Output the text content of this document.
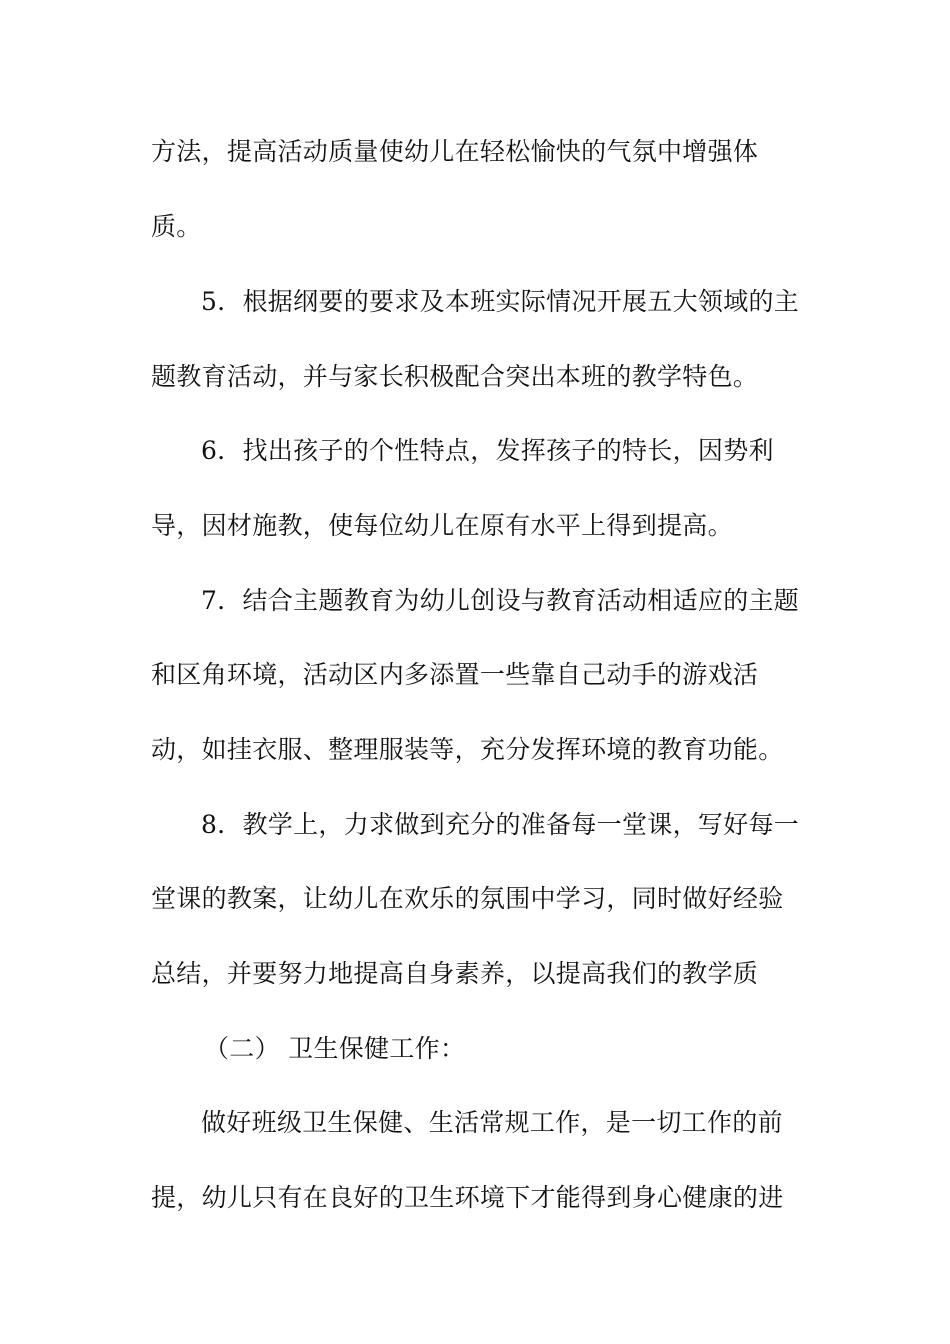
方法，提高活动质量使幼儿在轻松愉快的气氛中增强体
质。
5．根据纲要的要求及本班实际情况开展五大领域的主
题教育活动，并与家长积极配合突出本班的教学特色。
6．找出孩子的个性特点，发挥孩子的特长，因势利
导，因材施教，使每位幼儿在原有水平上得到提高。
7．结合主题教育为幼儿创设与教育活动相适应的主题
和区角环境，活动区内多添置一些靠自己动手的游戏活
动，如挂衣服、整理服装等，充分发挥环境的教育功能。
8．教学上，力求做到充分的准备每一堂课，写好每一
堂课的教案，让幼儿在欢乐的氛围中学习，同时做好经验
总结，并要努力地提高自身素养，以提高我们的教学质
（二） 卫生保健工作：
做好班级卫生保健、生活常规工作，是一切工作的前
提，幼儿只有在良好的卫生环境下才能得到身心健康的进
